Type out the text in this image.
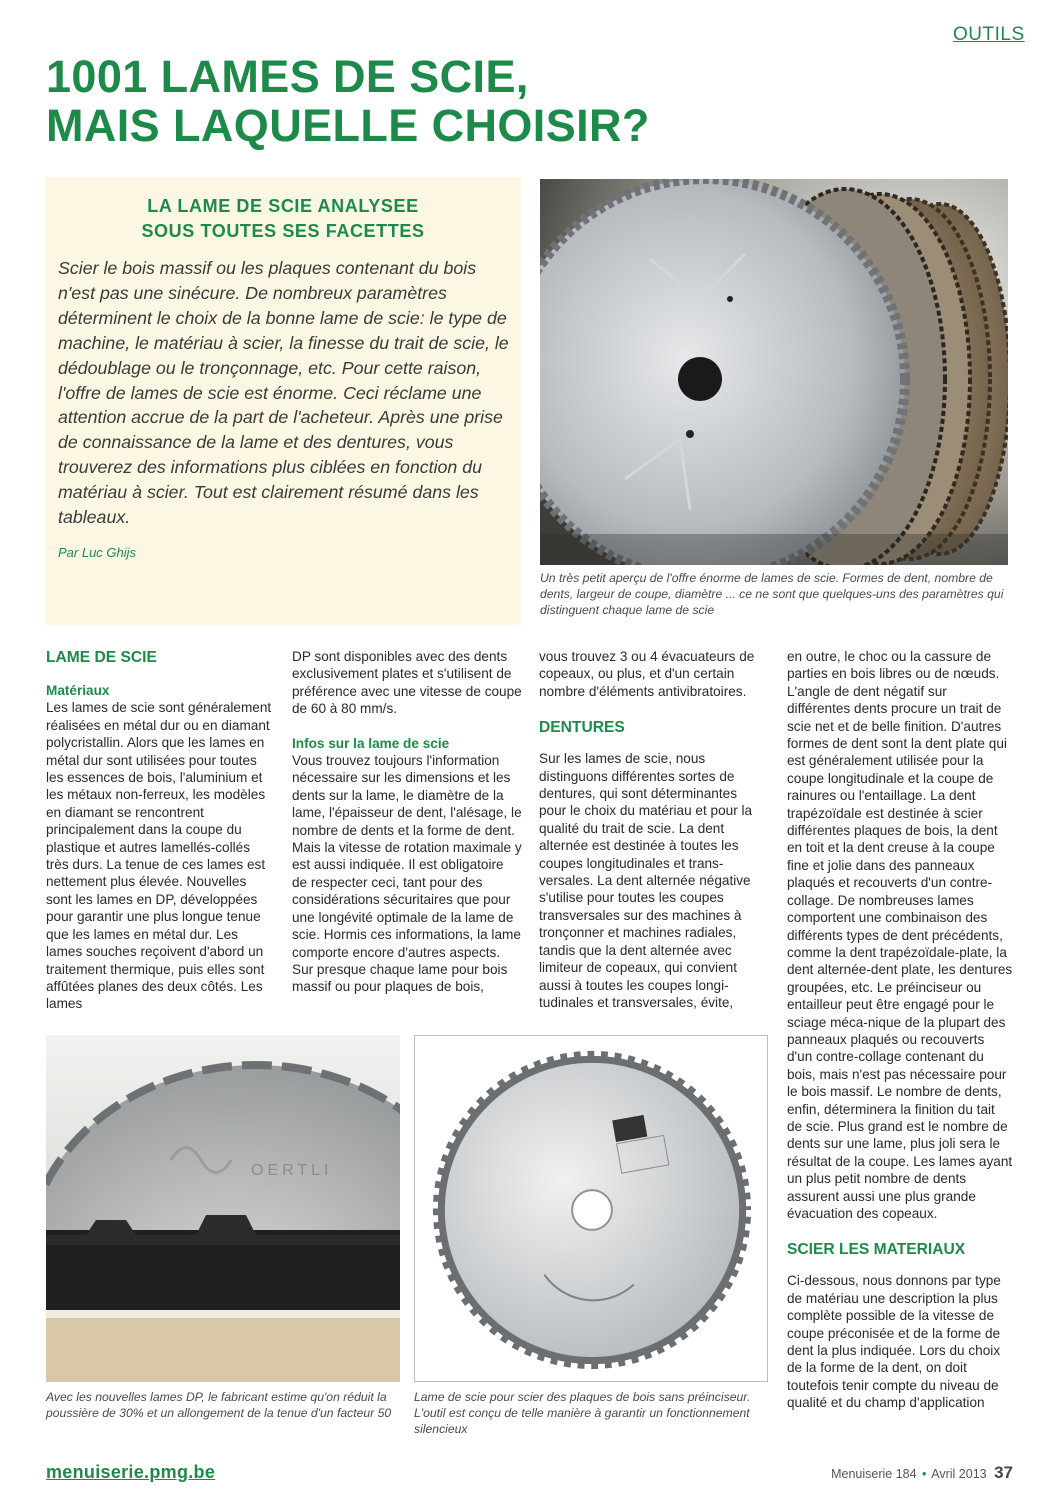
OUTILS
1001 LAMES DE SCIE,
MAIS LAQUELLE CHOISIR?
LA LAME DE SCIE ANALYSEE
SOUS TOUTES SES FACETTES

Scier le bois massif ou les plaques contenant du bois n'est pas une sinécure. De nombreux paramètres déterminent le choix de la bonne lame de scie: le type de machine, le matériau à scier, la finesse du trait de scie, le dédoublage ou le tronçonnage, etc. Pour cette raison, l'offre de lames de scie est énorme. Ceci réclame une attention accrue de la part de l'acheteur. Après une prise de connaissance de la lame et des dentures, vous trouverez des informations plus ciblées en fonction du matériau à scier. Tout est clairement résumé dans les tableaux.

Par Luc Ghijs

Un très petit aperçu de l'offre énorme de lames de scie. Formes de dent, nombre de dents, largeur de coupe, diamètre ... ce ne sont que quelques-uns des paramètres qui distinguent chaque lame de scie

LAME DE SCIE
Matériaux

Les lames de scie sont généralement réalisées en métal dur ou en diamant polycristallin. Alors que les lames en métal dur sont utilisées pour toutes les essences de bois, l'aluminium et les métaux non-ferreux, les modèles en diamant se rencontrent principalement dans la coupe du plastique et autres lamellés-collés très durs. La tenue de ces lames est nettement plus élevée. Nouvelles sont les lames en DP, développées pour garantir une plus longue tenue que les lames en métal dur. Les lames souches reçoivent d'abord un traitement thermique, puis elles sont affûtées planes des deux côtés. Les lames

DP sont disponibles avec des dents exclusivement plates et s'utilisent de préférence avec une vitesse de coupe de 60 à 80 mm/s.

Infos sur la lame de scie

Vous trouvez toujours l'information nécessaire sur les dimensions et les dents sur la lame, le diamètre de la lame, l'épaisseur de dent, l'alésage, le nombre de dents et la forme de dent. Mais la vitesse de rotation maximale y est aussi indiquée. Il est obligatoire de respecter ceci, tant pour des considérations sécuritaires que pour une longévité optimale de la lame de scie. Hormis ces informations, la lame comporte encore d'autres aspects. Sur presque chaque lame pour bois massif ou pour plaques de bois,

vous trouvez 3 ou 4 évacuateurs de copeaux, ou plus, et d'un certain nombre d'éléments antivibratoires.

DENTURES

Sur les lames de scie, nous distinguons différentes sortes de dentures, qui sont déterminantes pour le choix du matériau et pour la qualité du trait de scie. La dent alternée est destinée à toutes les coupes longitudinales et trans-versales. La dent alternée négative s'utilise pour toutes les coupes transversales sur des machines à tronçonner et machines radiales, tandis que la dent alternée avec limiteur de copeaux, qui convient aussi à toutes les coupes longi-tudinales et transversales, évite,

en outre, le choc ou la cassure de parties en bois libres ou de nœuds. L'angle de dent négatif sur différentes dents procure un trait de scie net et de belle finition. D'autres formes de dent sont la dent plate qui est généralement utilisée pour la coupe longitudinale et la coupe de rainures ou l'entaillage. La dent trapézoïdale est destinée à scier différentes plaques de bois, la dent en toit et la dent creuse à la coupe fine et jolie dans des panneaux plaqués et recouverts d'un contre-collage. De nombreuses lames comportent une combinaison des différents types de dent précédents, comme la dent trapézoïdale-plate, la dent alternée-dent plate, les dentures groupées, etc. Le préinciseur ou entailleur peut être engagé pour le sciage méca-nique de la plupart des panneaux plaqués ou recouverts d'un contre-collage contenant du bois, mais n'est pas nécessaire pour le bois massif. Le nombre de dents, enfin, déterminera la finition du tait de scie. Plus grand est le nombre de dents sur une lame, plus joli sera le résultat de la coupe. Les lames ayant un plus petit nombre de dents assurent aussi une plus grande évacuation des copeaux.

SCIER LES MATERIAUX

Ci-dessous, nous donnons par type de matériau une description la plus complète possible de la vitesse de coupe préconisée et de la forme de dent la plus indiquée. Lors du choix de la forme de la dent, on doit toutefois tenir compte du niveau de qualité et du champ d'application

OERTLI

Avec les nouvelles lames DP, le fabricant estime qu'on réduit la poussière de 30% et un allongement de la tenue d'un facteur 50

Lame de scie pour scier des plaques de bois sans préinciseur. L'outil est conçu de telle manière à garantir un fonctionnement silencieux

menuiserie.pmg.be	Menuiserie 184 • Avril 2013 37
